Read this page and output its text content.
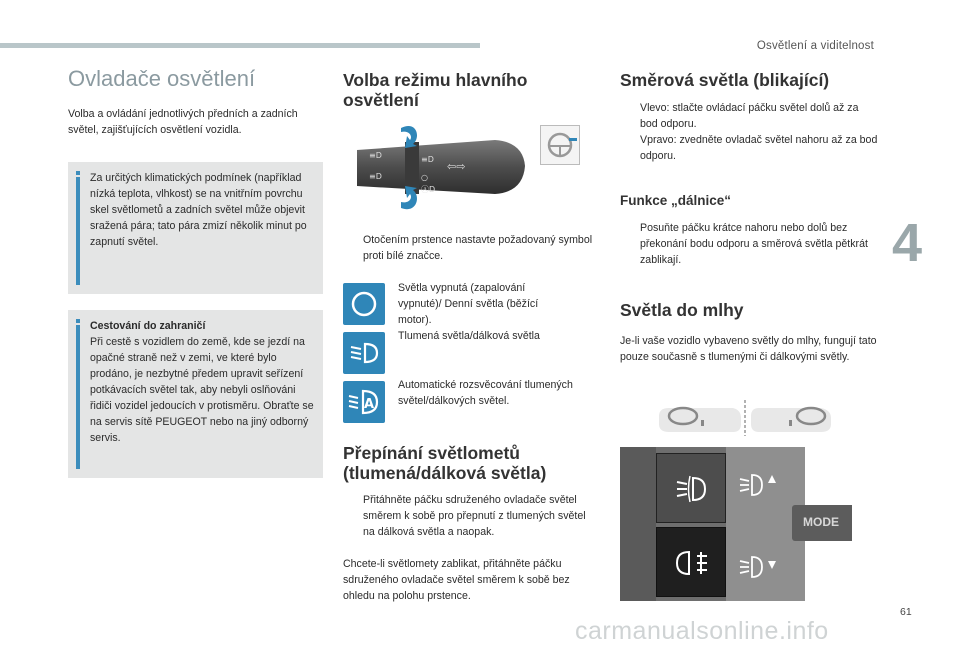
Osvětlení a viditelnost
4
61
carmanualsonline.info
Ovladače osvětlení
Volba a ovládání jednotlivých předních a zadních světel, zajišťujících osvětlení vozidla.
Za určitých klimatických podmínek (například nízká teplota, vlhkost) se na vnitřním povrchu skel světlometů a zadních světel může objevit sražená pára; tato pára zmizí několik minut po zapnutí světel.
Cestování do zahraničí
Při cestě s vozidlem do země, kde se jezdí na opačné straně než v zemi, ve které bylo prodáno, je nezbytné předem upravit seřízení potkávacích světel tak, aby nebyli oslňováni řidiči vozidel jedoucích v protisměru. Obraťte se na servis sítě PEUGEOT nebo na jiný odborný servis.
Volba režimu hlavního osvětlení
≡D
≡D
≡D
○
ⒶD
⇦⇨
Otočením prstence nastavte požadovaný symbol proti bílé značce.
Světla vypnutá (zapalování vypnuté)/ Denní světla (běžící motor).
Tlumená světla/dálková světla
A
Automatické rozsvěcování tlumených světel/dálkových světel.
Přepínání světlometů (tlumená/dálková světla)
Přitáhněte páčku sdruženého ovladače světel směrem k sobě pro přepnutí z tlumených světel na dálková světla a naopak.
Chcete-li světlomety zablikat, přitáhněte páčku sdruženého ovladače světel směrem k sobě bez ohledu na polohu prstence.
Směrová světla (blikající)
Vlevo: stlačte ovládací páčku světel dolů až za bod odporu.
Vpravo: zvedněte ovladač světel nahoru až za bod odporu.
Funkce „dálnice“
Posuňte páčku krátce nahoru nebo dolů bez překonání bodu odporu a směrová světla pětkrát zablikají.
Světla do mlhy
Je-li vaše vozidlo vybaveno světly do mlhy, fungují tato pouze současně s tlumenými či dálkovými světly.
MODE
